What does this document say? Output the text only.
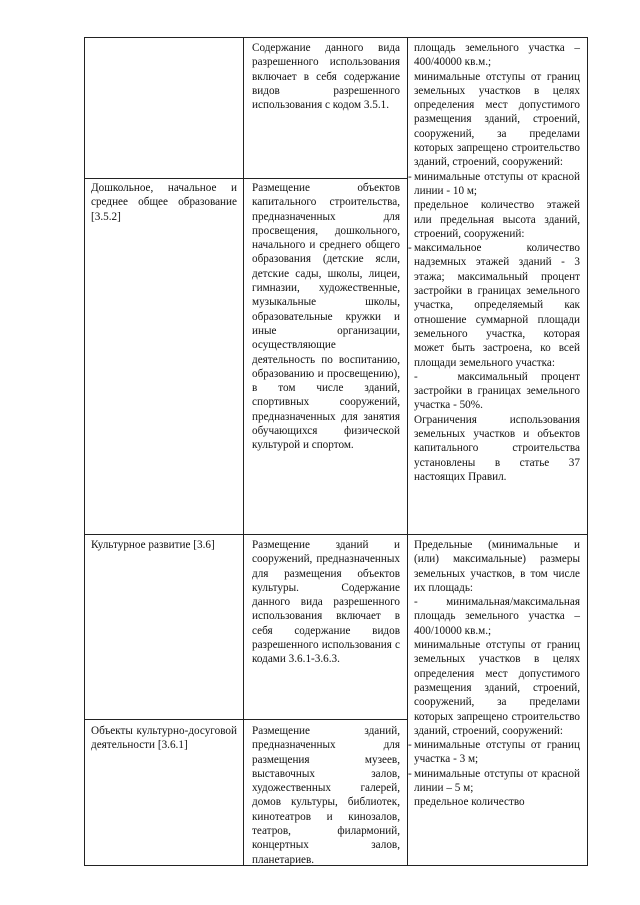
Содержание данного вида разрешенного использования включает в себя содержание видов разрешенного использования с кодом 3.5.1.

Дошкольное, начальное и среднее общее образование [3.5.2]

Размещение объектов капитального строительства, предназначенных для просвещения, дошкольного, начального и среднего общего образования (детские ясли, детские сады, школы, лицеи, гимназии, художественные, музыкальные школы, образовательные кружки и иные организации, осуществляющие деятельность по воспитанию, образованию и просвещению), в том числе зданий, спортивных сооружений, предназначенных для занятия обучающихся физической культурой и спортом.

Культурное развитие [3.6]	Размещение зданий и сооружений, предназначенных для размещения объектов культуры. Содержание данного вида разрешенного использования включает в себя содержание видов разрешенного использования с кодами 3.6.1-3.6.3.

Объекты культурно-досуговой деятельности [3.6.1]

Размещение зданий, предназначенных для размещения музеев, выставочных залов, художественных галерей, домов культуры, библиотек, кинотеатров и кинозалов, театров, филармоний, концертных залов, планетариев.

площадь земельного участка – 400/40000 кв.м.;

минимальные отступы от границ земельных участков в целях определения мест допустимого размещения зданий, строений, сооружений, за пределами которых запрещено строительство зданий, строений, сооружений:

- минимальные отступы от красной линии - 10 м;

предельное количество этажей или предельная высота зданий, строений, сооружений:

- максимальное количество надземных этажей зданий - 3 этажа; максимальный процент застройки в границах земельного участка, определяемый как отношение суммарной площади земельного участка, которая может быть застроена, ко всей площади земельного участка:

-   максимальный процент застройки в границах земельного участка - 50%.

Ограничения использования земельных участков и объектов капитального строительства установлены в статье 37 настоящих Правил.

Предельные (минимальные и (или) максимальные) размеры земельных участков, в том числе их площадь:

-  минимальная/максимальная площадь земельного участка – 400/10000 кв.м.;

минимальные отступы от границ земельных участков в целях определения мест допустимого размещения зданий, строений, сооружений, за пределами которых запрещено строительство зданий, строений, сооружений:

- минимальные отступы от границ участка - 3 м;

- минимальные отступы от красной линии – 5 м;

предельное количество
